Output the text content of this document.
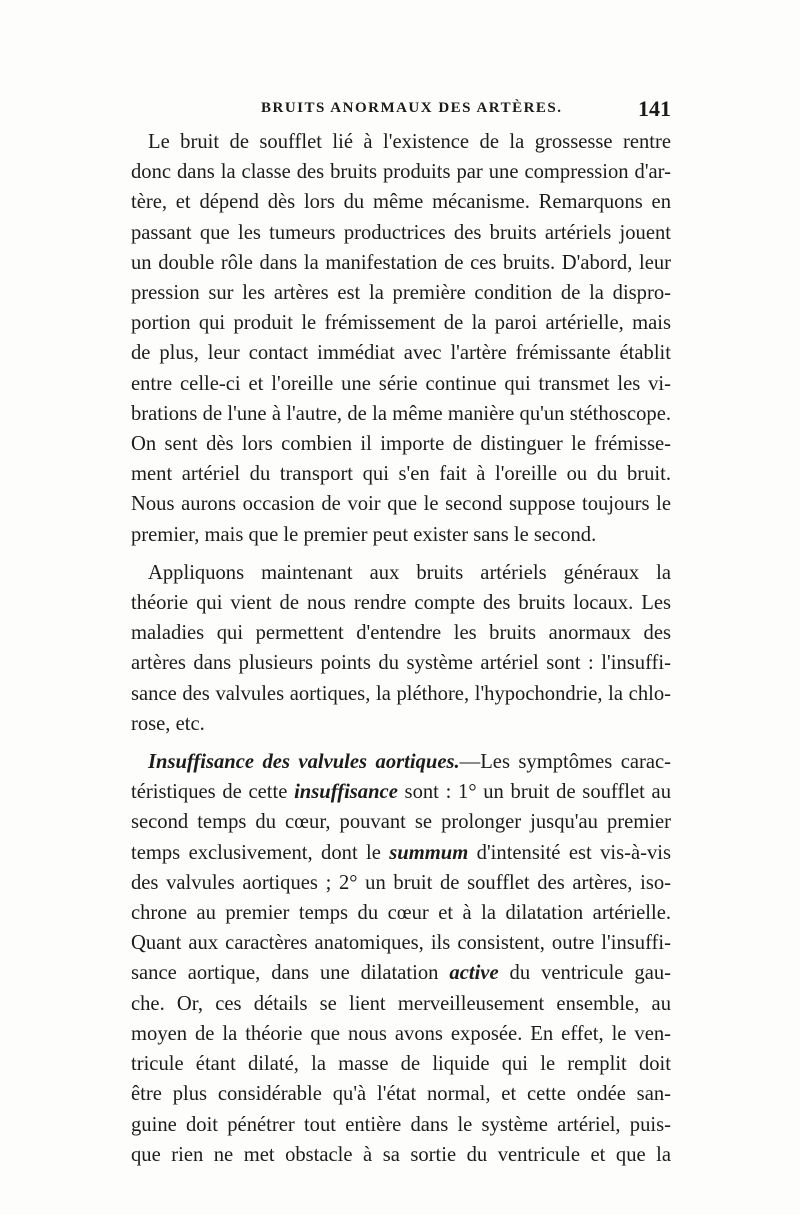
BRUITS ANORMAUX DES ARTÈRES.	141
Le bruit de soufflet lié à l'existence de la grossesse rentre
donc dans la classe des bruits produits par une compression d'ar-
tère, et dépend dès lors du même mécanisme. Remarquons en
passant que les tumeurs productrices des bruits artériels jouent
un double rôle dans la manifestation de ces bruits. D'abord, leur
pression sur les artères est la première condition de la dispro-
portion qui produit le frémissement de la paroi artérielle, mais
de plus, leur contact immédiat avec l'artère frémissante établit
entre celle-ci et l'oreille une série continue qui transmet les vi-
brations de l'une à l'autre, de la même manière qu'un stéthoscope.
On sent dès lors combien il importe de distinguer le frémisse-
ment artériel du transport qui s'en fait à l'oreille ou du bruit.
Nous aurons occasion de voir que le second suppose toujours le
premier, mais que le premier peut exister sans le second.
Appliquons maintenant aux bruits artériels généraux la
théorie qui vient de nous rendre compte des bruits locaux. Les
maladies qui permettent d'entendre les bruits anormaux des
artères dans plusieurs points du système artériel sont : l'insuffi-
sance des valvules aortiques, la pléthore, l'hypochondrie, la chlo-
rose, etc.
Insuffisance des valvules aortiques.—Les symptômes carac-
téristiques de cette insuffisance sont : 1° un bruit de soufflet au
second temps du cœur, pouvant se prolonger jusqu'au premier
temps exclusivement, dont le summum d'intensité est vis-à-vis
des valvules aortiques ; 2° un bruit de soufflet des artères, iso-
chrone au premier temps du cœur et à la dilatation artérielle.
Quant aux caractères anatomiques, ils consistent, outre l'insuffi-
sance aortique, dans une dilatation active du ventricule gau-
che. Or, ces détails se lient merveilleusement ensemble, au
moyen de la théorie que nous avons exposée. En effet, le ven-
tricule étant dilaté, la masse de liquide qui le remplit doit
être plus considérable qu'à l'état normal, et cette ondée san-
guine doit pénétrer tout entière dans le système artériel, puis-
que rien ne met obstacle à sa sortie du ventricule et que la
